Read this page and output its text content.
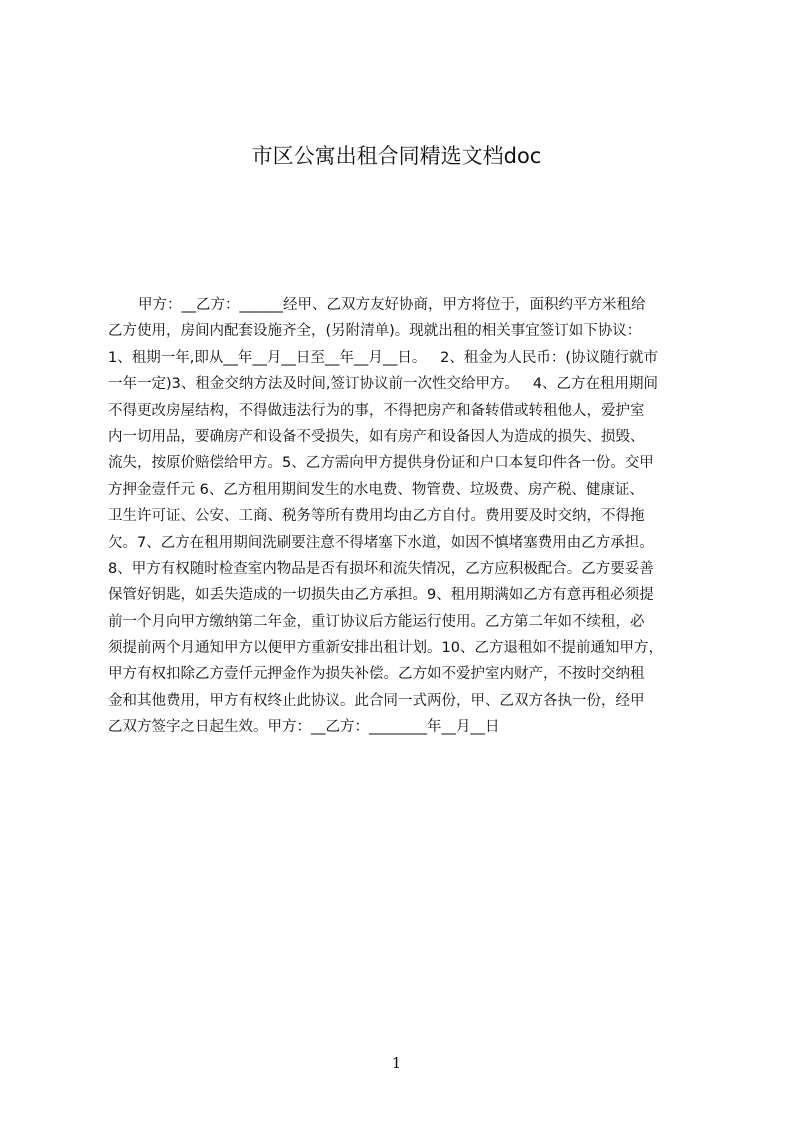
市区公寓出租合同精选文档doc
甲方：__乙方：______经甲、乙双方友好协商，甲方将位于，面积约平方米租给
乙方使用，房间内配套设施齐全，(另附清单)。现就出租的相关事宜签订如下协议：
1、租期一年,即从__年__月__日至__年__月__日。   2、租金为人民币：(协议随行就市
一年一定)3、租金交纳方法及时间,签订协议前一次性交给甲方。   4、乙方在租用期间
不得更改房屋结构，不得做违法行为的事，不得把房产和备转借或转租他人，爱护室
内一切用品，要确房产和设备不受损失，如有房产和设备因人为造成的损失、损毁、
流失，按原价赔偿给甲方。5、乙方需向甲方提供身份证和户口本复印件各一份。交甲
方押金壹仟元 6、乙方租用期间发生的水电费、物管费、垃圾费、房产税、健康证、
卫生许可证、公安、工商、税务等所有费用均由乙方自付。费用要及时交纳，不得拖
欠。7、乙方在租用期间洗刷要注意不得堵塞下水道，如因不慎堵塞费用由乙方承担。
8、甲方有权随时检查室内物品是否有损坏和流失情况，乙方应积极配合。乙方要妥善
保管好钥匙，如丢失造成的一切损失由乙方承担。9、租用期满如乙方有意再租必须提
前一个月向甲方缴纳第二年金，重订协议后方能运行使用。乙方第二年如不续租，必
须提前两个月通知甲方以便甲方重新安排出租计划。10、乙方退租如不提前通知甲方，
甲方有权扣除乙方壹仟元押金作为损失补偿。乙方如不爱护室内财产，不按时交纳租
金和其他费用，甲方有权终止此协议。此合同一式两份，甲、乙双方各执一份，经甲
乙双方签字之日起生效。甲方：__乙方：________年__月__日
1
